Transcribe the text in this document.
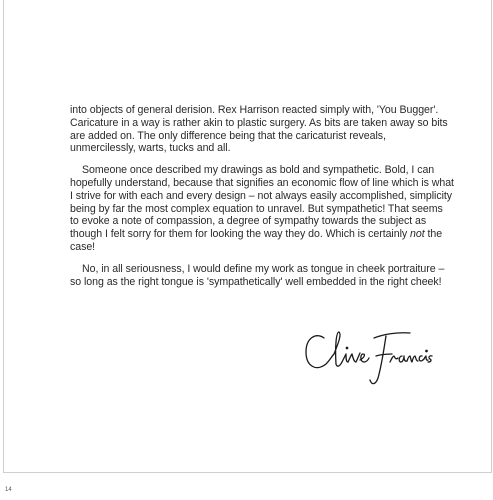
into objects of general derision. Rex Harrison reacted simply with, 'You Bugger'. Caricature in a way is rather akin to plastic surgery. As bits are taken away so bits are added on. The only difference being that the caricaturist reveals, unmercilessly, warts, tucks and all.

Someone once described my drawings as bold and sympathetic. Bold, I can hopefully understand, because that signifies an economic flow of line which is what I strive for with each and every design – not always easily accomplished, simplicity being by far the most complex equation to unravel. But sympathetic! That seems to evoke a note of compassion, a degree of sympathy towards the subject as though I felt sorry for them for looking the way they do. Which is certainly not the case!

No, in all seriousness, I would define my work as tongue in cheek portraiture – so long as the right tongue is 'sympathetically' well embedded in the right cheek!

14
